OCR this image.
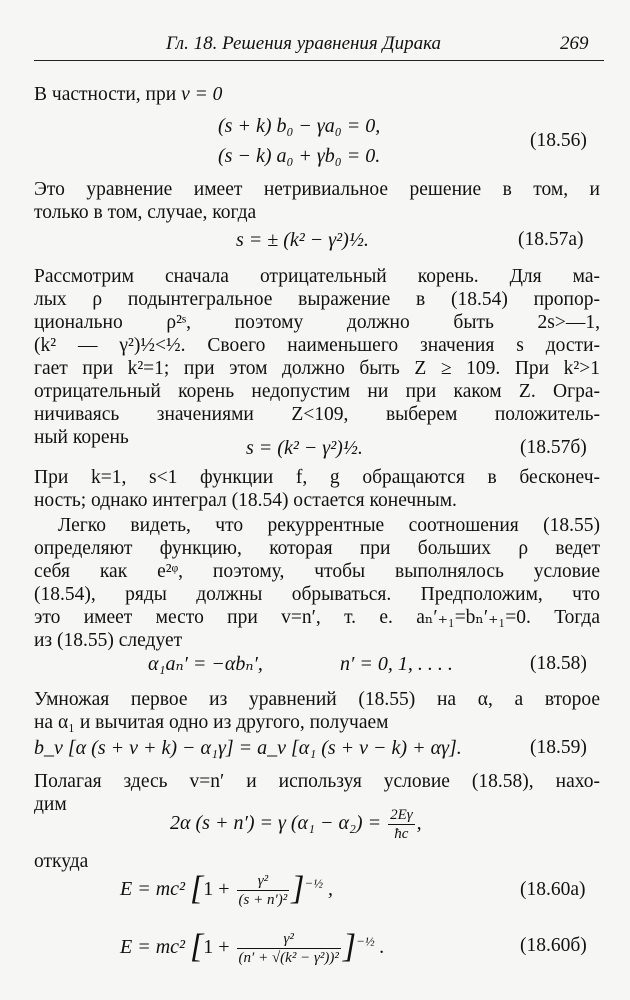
Гл. 18. Решения уравнения Дирака	269
В частности, при v = 0
(s + k) b₀ − γa₀ = 0,
(s − k) a₀ + γb₀ = 0.
(18.56)
Это уравнение имеет нетривиальное решение в том, и
только в том, случае, когда
s = ± (k² − γ²)½.	(18.57a)
Рассмотрим сначала отрицательный корень. Для ма-
лых ρ подынтегральное выражение в (18.54) пропор-
ционально ρ²ˢ, поэтому должно быть 2s>—1,
(k² — γ²)½<½. Своего наименьшего значения s дости-
гает при k²=1; при этом должно быть Z ≥ 109. При k²>1
отрицательный корень недопустим ни при каком Z. Огра-
ничиваясь значениями Z<109, выберем положитель-
ный корень	s = (k² − γ²)½.	(18.57б)
При k=1, s<1 функции f, g обращаются в бесконеч-
ность; однако интеграл (18.54) остается конечным.
Легко видеть, что рекуррентные соотношения (18.55)
определяют функцию, которая при больших ρ ведет
себя как e²ᵠ, поэтому, чтобы выполнялось условие
(18.54), ряды должны обрываться. Предположим, что
это имеет место при v=n′, т. е. aₙ′₊₁=bₙ′₊₁=0. Тогда
из (18.55) следует
α₁aₙ′ = −αbₙ′,	n′ = 0, 1, . . . .	(18.58)
Умножая первое из уравнений (18.55) на α, а второе
на α₁ и вычитая одно из другого, получаем
b_v [α (s + v + k) − α₁γ] = a_v [α₁ (s + v − k) + αγ].	(18.59)
Полагая здесь v=n′ и используя условие (18.58), нахо-
дим
2α (s + n′) = γ $(\alpha_1 - \alpha_2) = \frac{2E\gamma}{ħc}$ ,
откуда
E = mc² $[1 + \frac{\text{γ²}}{\text{(s + n′)²}} ]^{-\frac{1}{2}}$ ,	(18.60a)
E = mc² $[1 + \frac{\text{γ²}}{\text{(n′ + √(k² − γ²))²}} ]^{-\frac{1}{2}}$ .	(18.60б)
